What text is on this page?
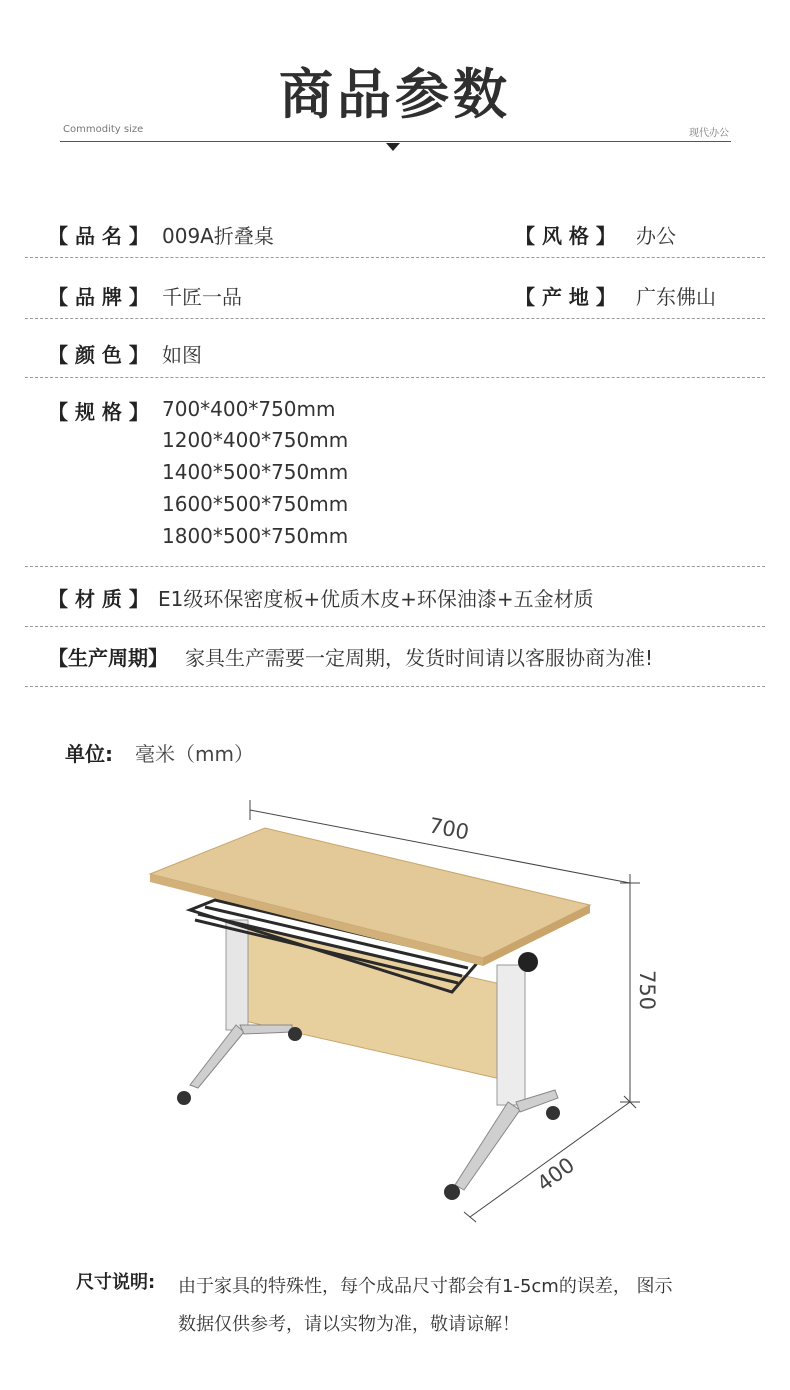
商品参数
Commodity size	现代办公
【 品 名 】 009A折叠桌	【 风 格 】 办公
【 品 牌 】 千匠一品	【 产 地 】 广东佛山
【 颜 色 】 如图
【 规 格 】 700*400*750mm
1200*400*750mm
1400*500*750mm
1600*500*750mm
1800*500*750mm
【 材 质 】 E1级环保密度板+优质木皮+环保油漆+五金材质
【生产周期】 家具生产需要一定周期，发货时间请以客服协商为准!
单位: 毫米（mm）
700
750
400
尺寸说明: 由于家具的特殊性，每个成品尺寸都会有1-5cm的误差， 图示
数据仅供参考，请以实物为准，敬请谅解！
